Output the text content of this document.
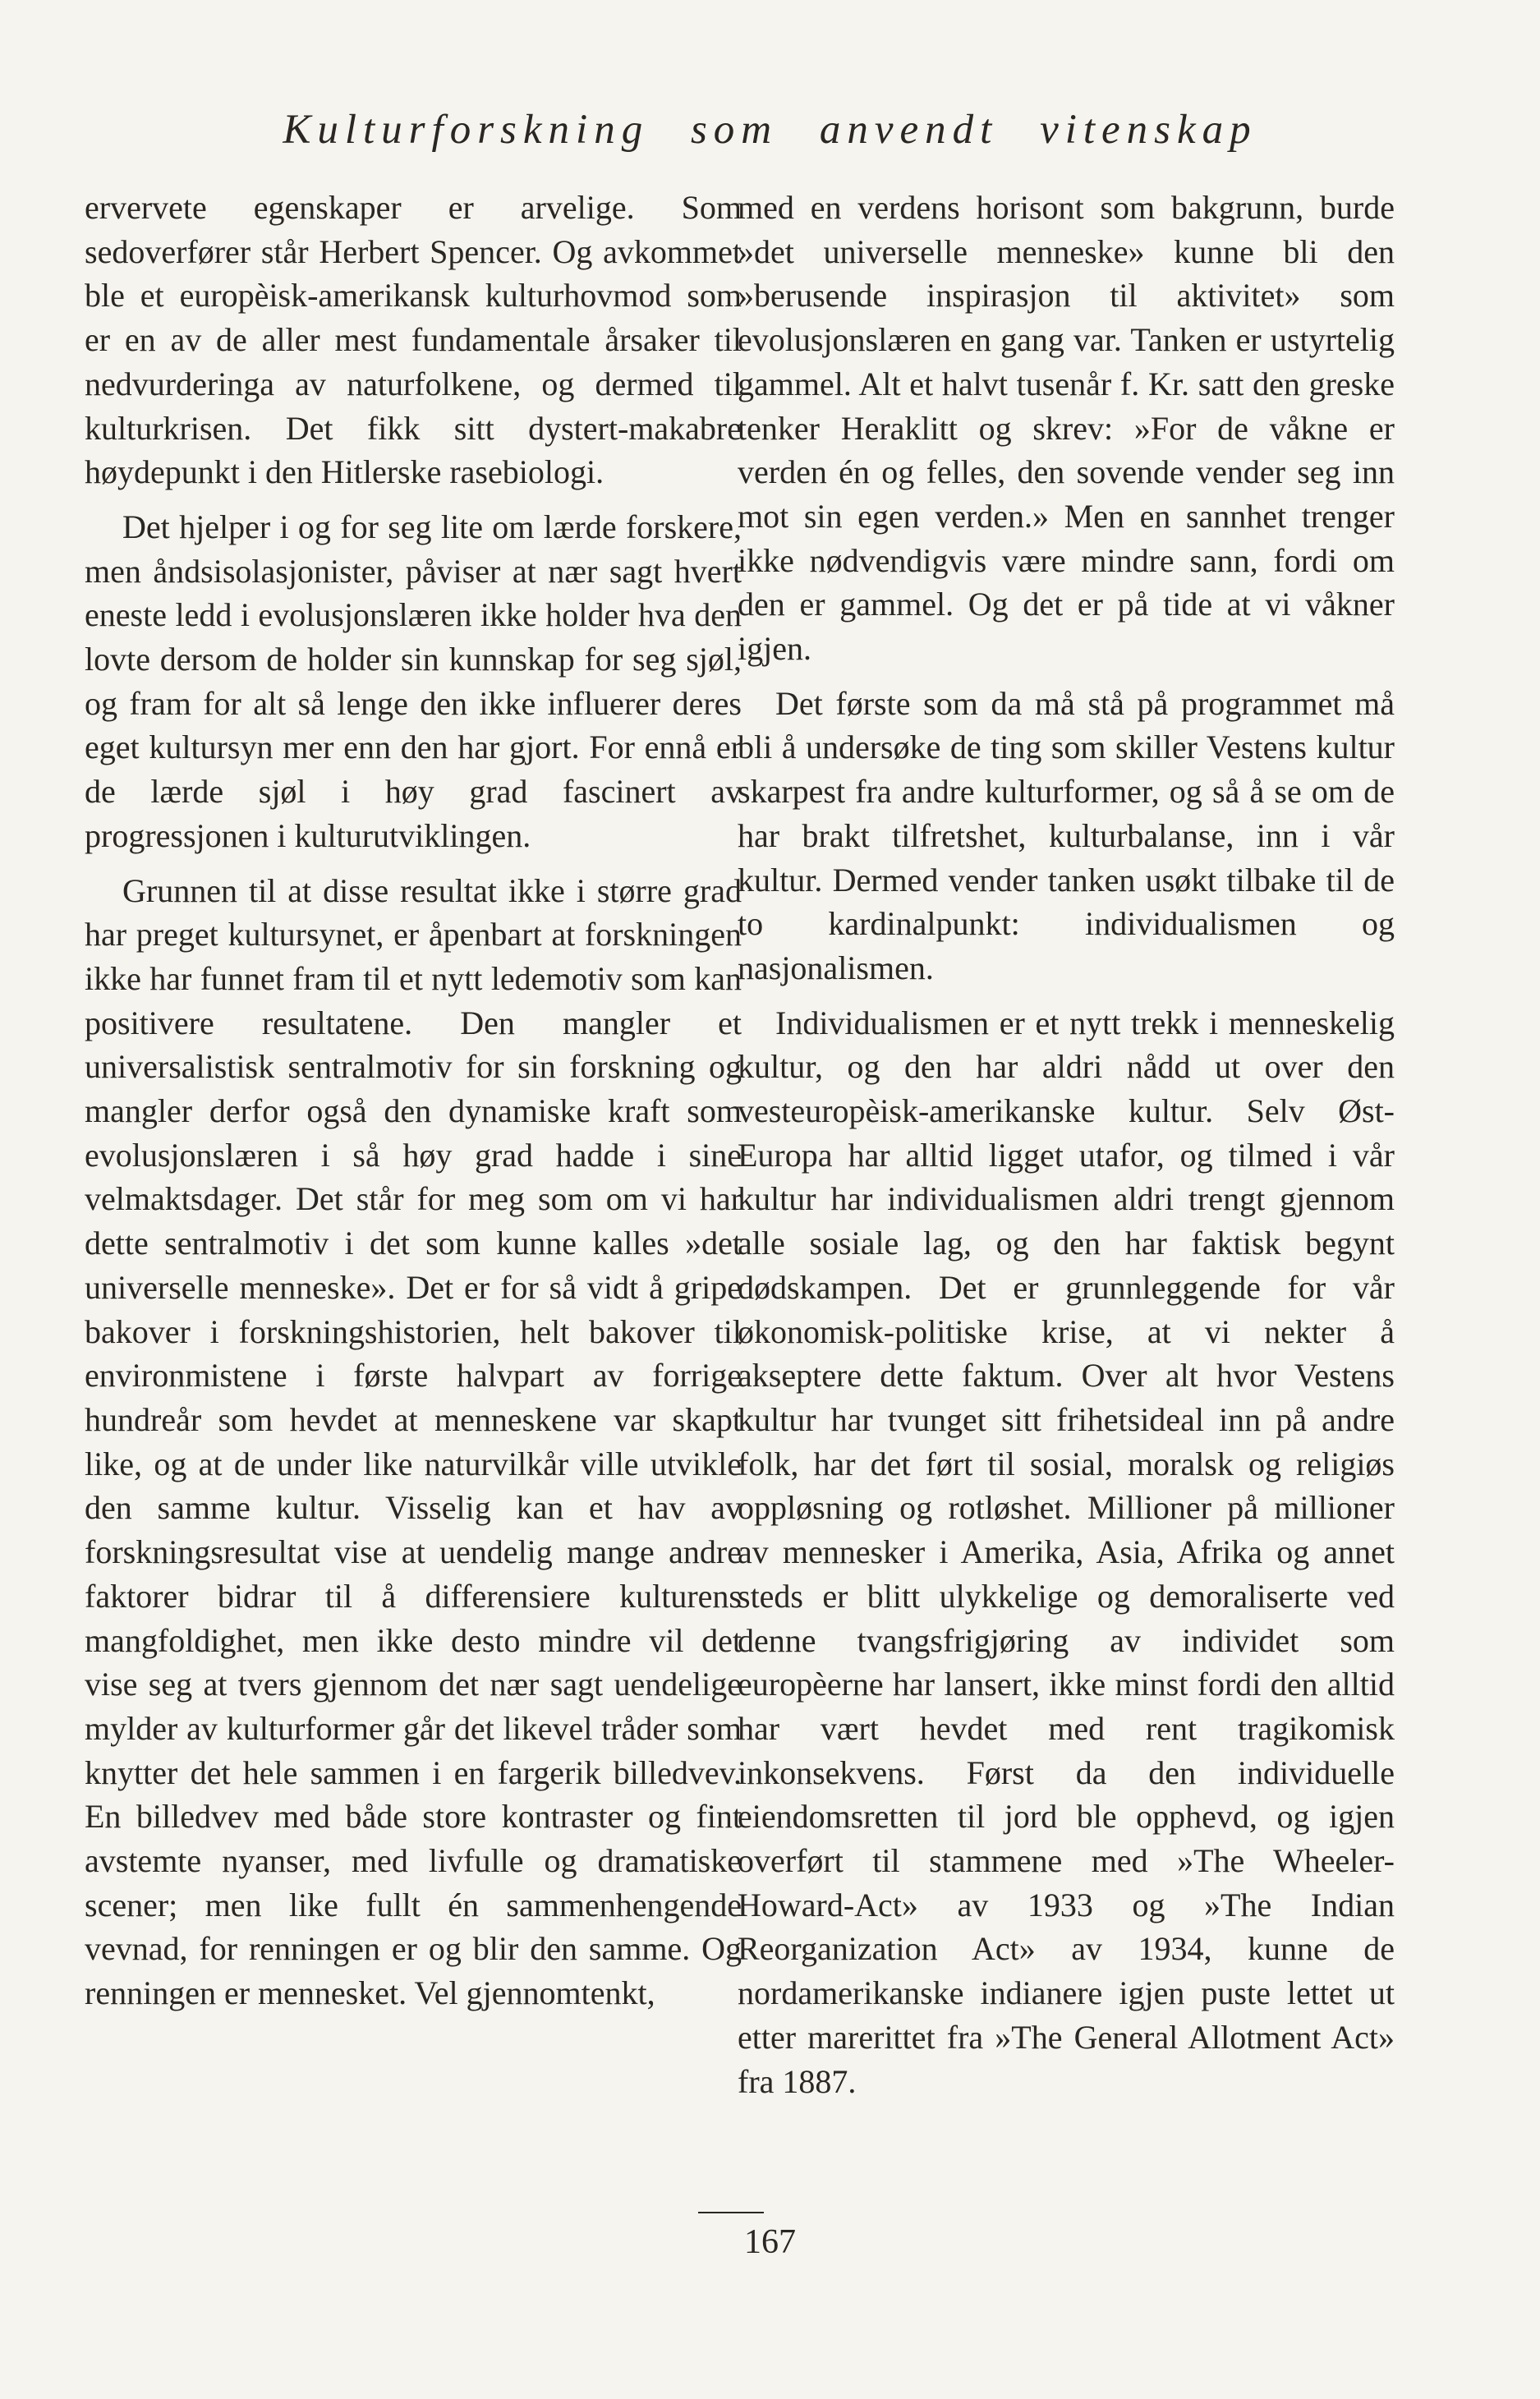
Kulturforskning som anvendt vitenskap

ervervete egenskaper er arvelige. Som sedoverfører står Herbert Spencer. Og avkommet ble et europèisk-amerikansk kulturhovmod som er en av de aller mest fundamentale årsaker til nedvurderinga av naturfolkene, og dermed til kulturkrisen. Det fikk sitt dystert-makabre høydepunkt i den Hitlerske rasebiologi.

Det hjelper i og for seg lite om lærde forskere, men åndsisolasjonister, påviser at nær sagt hvert eneste ledd i evolusjonslæren ikke holder hva den lovte dersom de holder sin kunnskap for seg sjøl, og fram for alt så lenge den ikke influerer deres eget kultursyn mer enn den har gjort. For ennå er de lærde sjøl i høy grad fascinert av progressjonen i kulturutviklingen.

Grunnen til at disse resultat ikke i større grad har preget kultursynet, er åpenbart at forskningen ikke har funnet fram til et nytt ledemotiv som kan positivere resultatene. Den mangler et universalistisk sentralmotiv for sin forskning og mangler derfor også den dynamiske kraft som evolusjonslæren i så høy grad hadde i sine velmaktsdager. Det står for meg som om vi har dette sentralmotiv i det som kunne kalles »det universelle menneske». Det er for så vidt å gripe bakover i forskningshistorien, helt bakover til environmistene i første halvpart av forrige hundreår som hevdet at menneskene var skapt like, og at de under like naturvilkår ville utvikle den samme kultur. Visselig kan et hav av forskningsresultat vise at uendelig mange andre faktorer bidrar til å differensiere kulturens mangfoldighet, men ikke desto mindre vil det vise seg at tvers gjennom det nær sagt uendelige mylder av kulturformer går det likevel tråder som knytter det hele sammen i en fargerik billedvev. En billedvev med både store kontraster og fint avstemte nyanser, med livfulle og dramatiske scener; men like fullt én sammenhengende vevnad, for renningen er og blir den samme. Og renningen er mennesket. Vel gjennomtenkt,

med en verdens horisont som bakgrunn, burde »det universelle menneske» kunne bli den »berusende inspirasjon til aktivitet» som evolusjonslæren en gang var. Tanken er ustyrtelig gammel. Alt et halvt tusenår f. Kr. satt den greske tenker Heraklitt og skrev: »For de våkne er verden én og felles, den sovende vender seg inn mot sin egen verden.» Men en sannhet trenger ikke nødvendigvis være mindre sann, fordi om den er gammel. Og det er på tide at vi våkner igjen.

Det første som da må stå på programmet må bli å undersøke de ting som skiller Vestens kultur skarpest fra andre kulturformer, og så å se om de har brakt tilfretshet, kulturbalanse, inn i vår kultur. Dermed vender tanken usøkt tilbake til de to kardinalpunkt: individualismen og nasjonalismen.

Individualismen er et nytt trekk i menneskelig kultur, og den har aldri nådd ut over den vesteuropèisk-amerikanske kultur. Selv Øst-Europa har alltid ligget utafor, og tilmed i vår kultur har individualismen aldri trengt gjennom alle sosiale lag, og den har faktisk begynt dødskampen. Det er grunnleggende for vår økonomisk-politiske krise, at vi nekter å akseptere dette faktum. Over alt hvor Vestens kultur har tvunget sitt frihetsideal inn på andre folk, har det ført til sosial, moralsk og religiøs oppløsning og rotløshet. Millioner på millioner av mennesker i Amerika, Asia, Afrika og annet steds er blitt ulykkelige og demoraliserte ved denne tvangsfrigjøring av individet som europèerne har lansert, ikke minst fordi den alltid har vært hevdet med rent tragikomisk inkonsekvens. Først da den individuelle eiendomsretten til jord ble opphevd, og igjen overført til stammene med »The Wheeler-Howard-Act» av 1933 og »The Indian Reorganization Act» av 1934, kunne de nordamerikanske indianere igjen puste lettet ut etter marerittet fra »The General Allotment Act» fra 1887.

167
